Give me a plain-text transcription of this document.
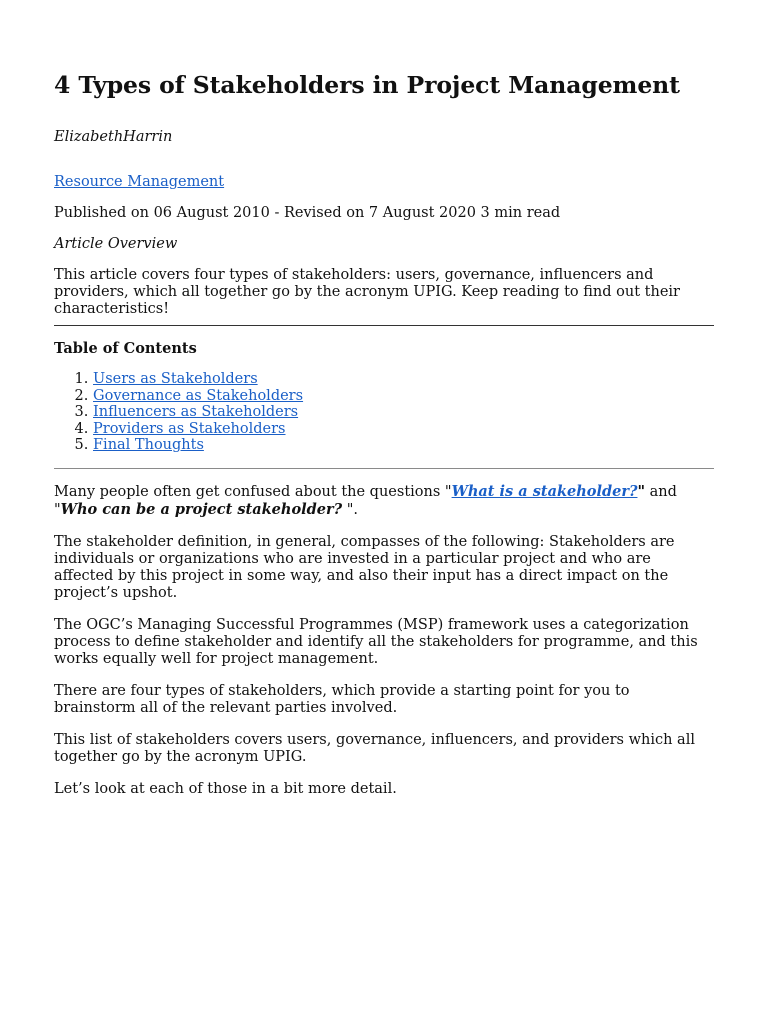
4 Types of Stakeholders in Project Management

ElizabethHarrin

Resource Management

Published on 06 August 2010 - Revised on 7 August 2020 3 min read

Article Overview

This article covers four types of stakeholders: users, governance, influencers and providers, which all together go by the acronym UPIG. Keep reading to find out their characteristics!

Table of Contents

1. Users as Stakeholders
2. Governance as Stakeholders
3. Influencers as Stakeholders
4. Providers as Stakeholders
5. Final Thoughts

Many people often get confused about the questions "What is a stakeholder?" and "Who can be a project stakeholder? ".

The stakeholder definition, in general, compasses of the following: Stakeholders are individuals or organizations who are invested in a particular project and who are affected by this project in some way, and also their input has a direct impact on the project’s upshot.

The OGC’s Managing Successful Programmes (MSP) framework uses a categorization process to define stakeholder and identify all the stakeholders for programme, and this works equally well for project management.

There are four types of stakeholders, which provide a starting point for you to brainstorm all of the relevant parties involved.

This list of stakeholders covers users, governance, influencers, and providers which all together go by the acronym UPIG.

Let’s look at each of those in a bit more detail.
